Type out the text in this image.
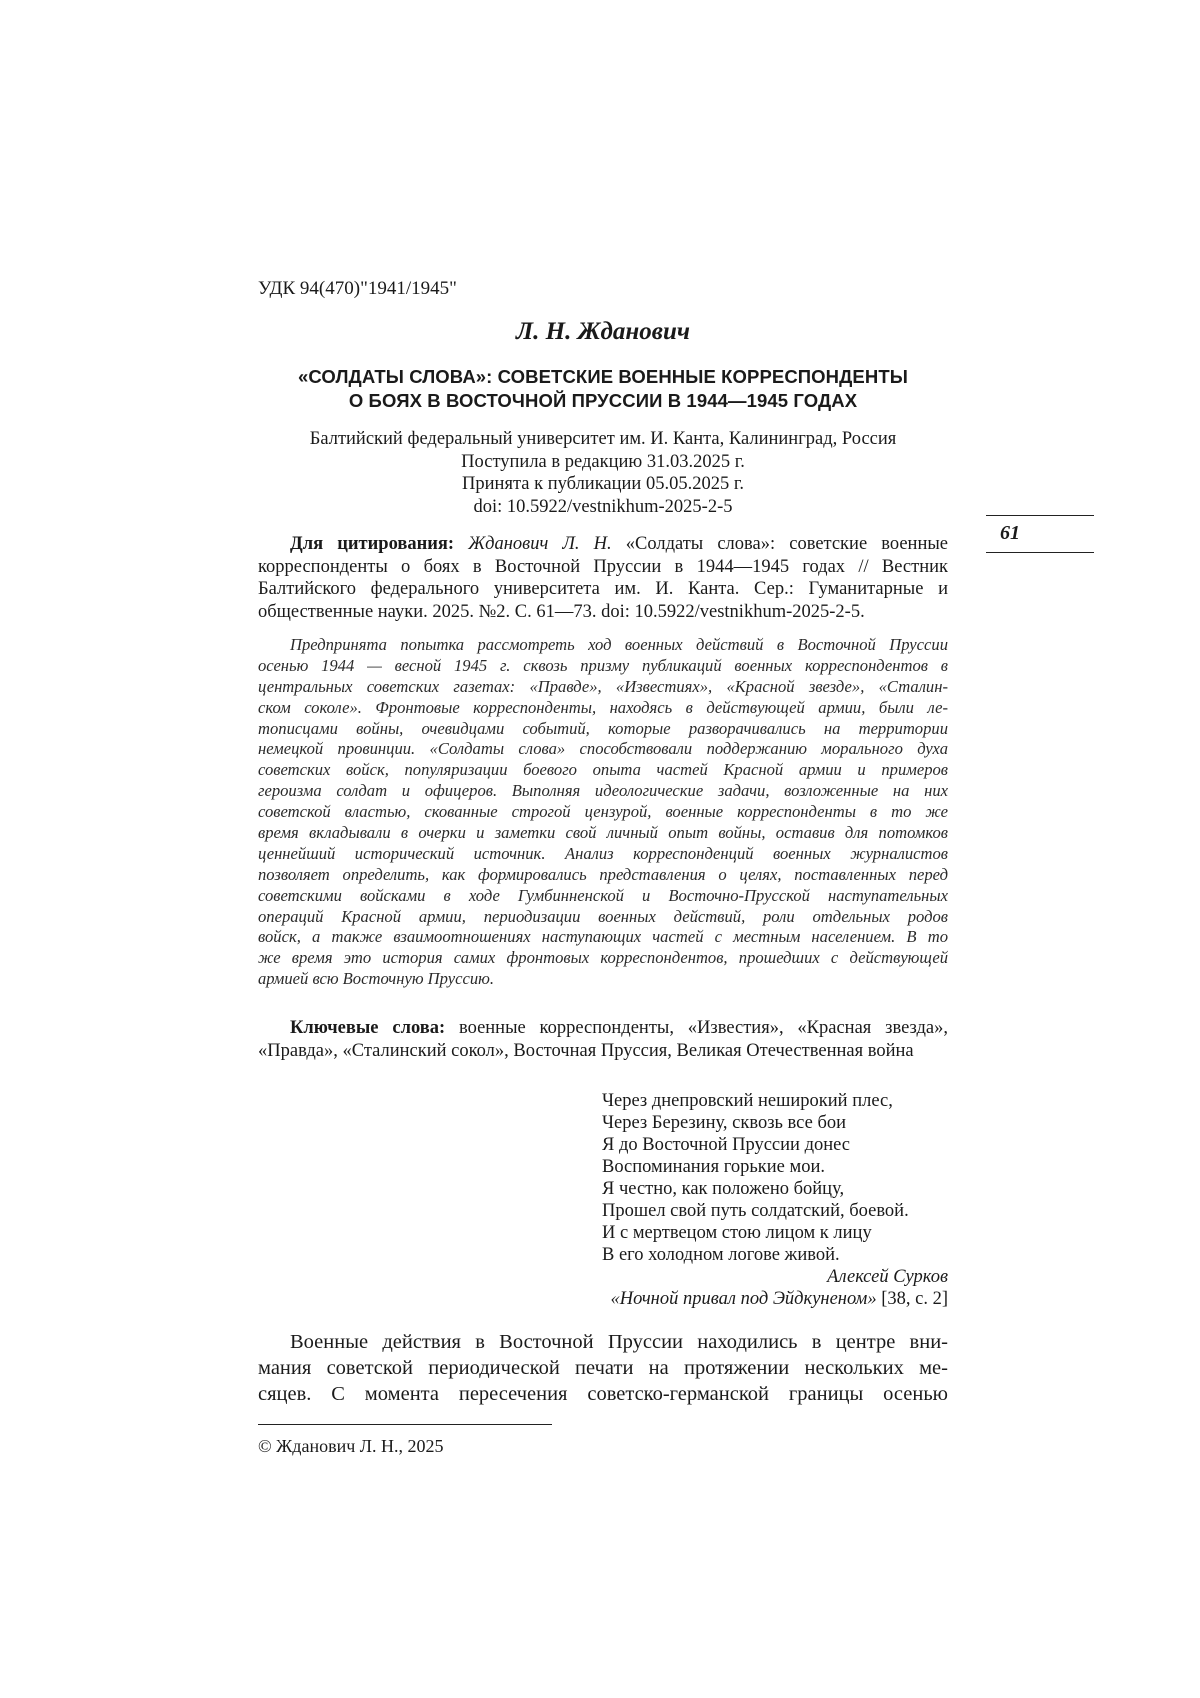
УДК 94(470)"1941/1945"
Л. Н. Жданович
«СОЛДАТЫ СЛОВА»: СОВЕТСКИЕ ВОЕННЫЕ КОРРЕСПОНДЕНТЫ
О БОЯХ В ВОСТОЧНОЙ ПРУССИИ В 1944—1945 ГОДАХ
Балтийский федеральный университет им. И. Канта, Калининград, Россия
Поступила в редакцию 31.03.2025 г.
Принята к публикации 05.05.2025 г.
doi: 10.5922/vestnikhum-2025-2-5
61
Для цитирования: Жданович Л. Н. «Солдаты слова»: советские военные
корреспонденты о боях в Восточной Пруссии в 1944—1945 годах // Вестник
Балтийского федерального университета им. И. Канта. Сер.: Гуманитарные и
общественные науки. 2025. №2. С. 61—73. doi: 10.5922/vestnikhum-2025-2-5.
Предпринята попытка рассмотреть ход военных действий в Восточной Пруссии
осенью 1944 — весной 1945 г. сквозь призму публикаций военных корреспондентов в
центральных советских газетах: «Правде», «Известиях», «Красной звезде», «Сталин-
ском соколе». Фронтовые корреспонденты, находясь в действующей армии, были ле-
тописцами войны, очевидцами событий, которые разворачивались на территории
немецкой провинции. «Солдаты слова» способствовали поддержанию морального духа
советских войск, популяризации боевого опыта частей Красной армии и примеров
героизма солдат и офицеров. Выполняя идеологические задачи, возложенные на них
советской властью, скованные строгой цензурой, военные корреспонденты в то же
время вкладывали в очерки и заметки свой личный опыт войны, оставив для потомков
ценнейший исторический источник. Анализ корреспонденций военных журналистов
позволяет определить, как формировались представления о целях, поставленных перед
советскими войсками в ходе Гумбинненской и Восточно-Прусской наступательных
операций Красной армии, периодизации военных действий, роли отдельных родов
войск, а также взаимоотношениях наступающих частей с местным населением. В то
же время это история самих фронтовых корреспондентов, прошедших с действующей
армией всю Восточную Пруссию.
Ключевые слова: военные корреспонденты, «Известия», «Красная звезда»,
«Правда», «Сталинский сокол», Восточная Пруссия, Великая Отечественная война
Через днепровский неширокий плес,
Через Березину, сквозь все бои
Я до Восточной Пруссии донес
Воспоминания горькие мои.
Я честно, как положено бойцу,
Прошел свой путь солдатский, боевой.
И с мертвецом стою лицом к лицу
В его холодном логове живой.
Алексей Сурков
«Ночной привал под Эйдкуненом» [38, с. 2]
Военные действия в Восточной Пруссии находились в центре вни-
мания советской периодической печати на протяжении нескольких ме-
сяцев. С момента пересечения советско-германской границы осенью
© Жданович Л. Н., 2025
